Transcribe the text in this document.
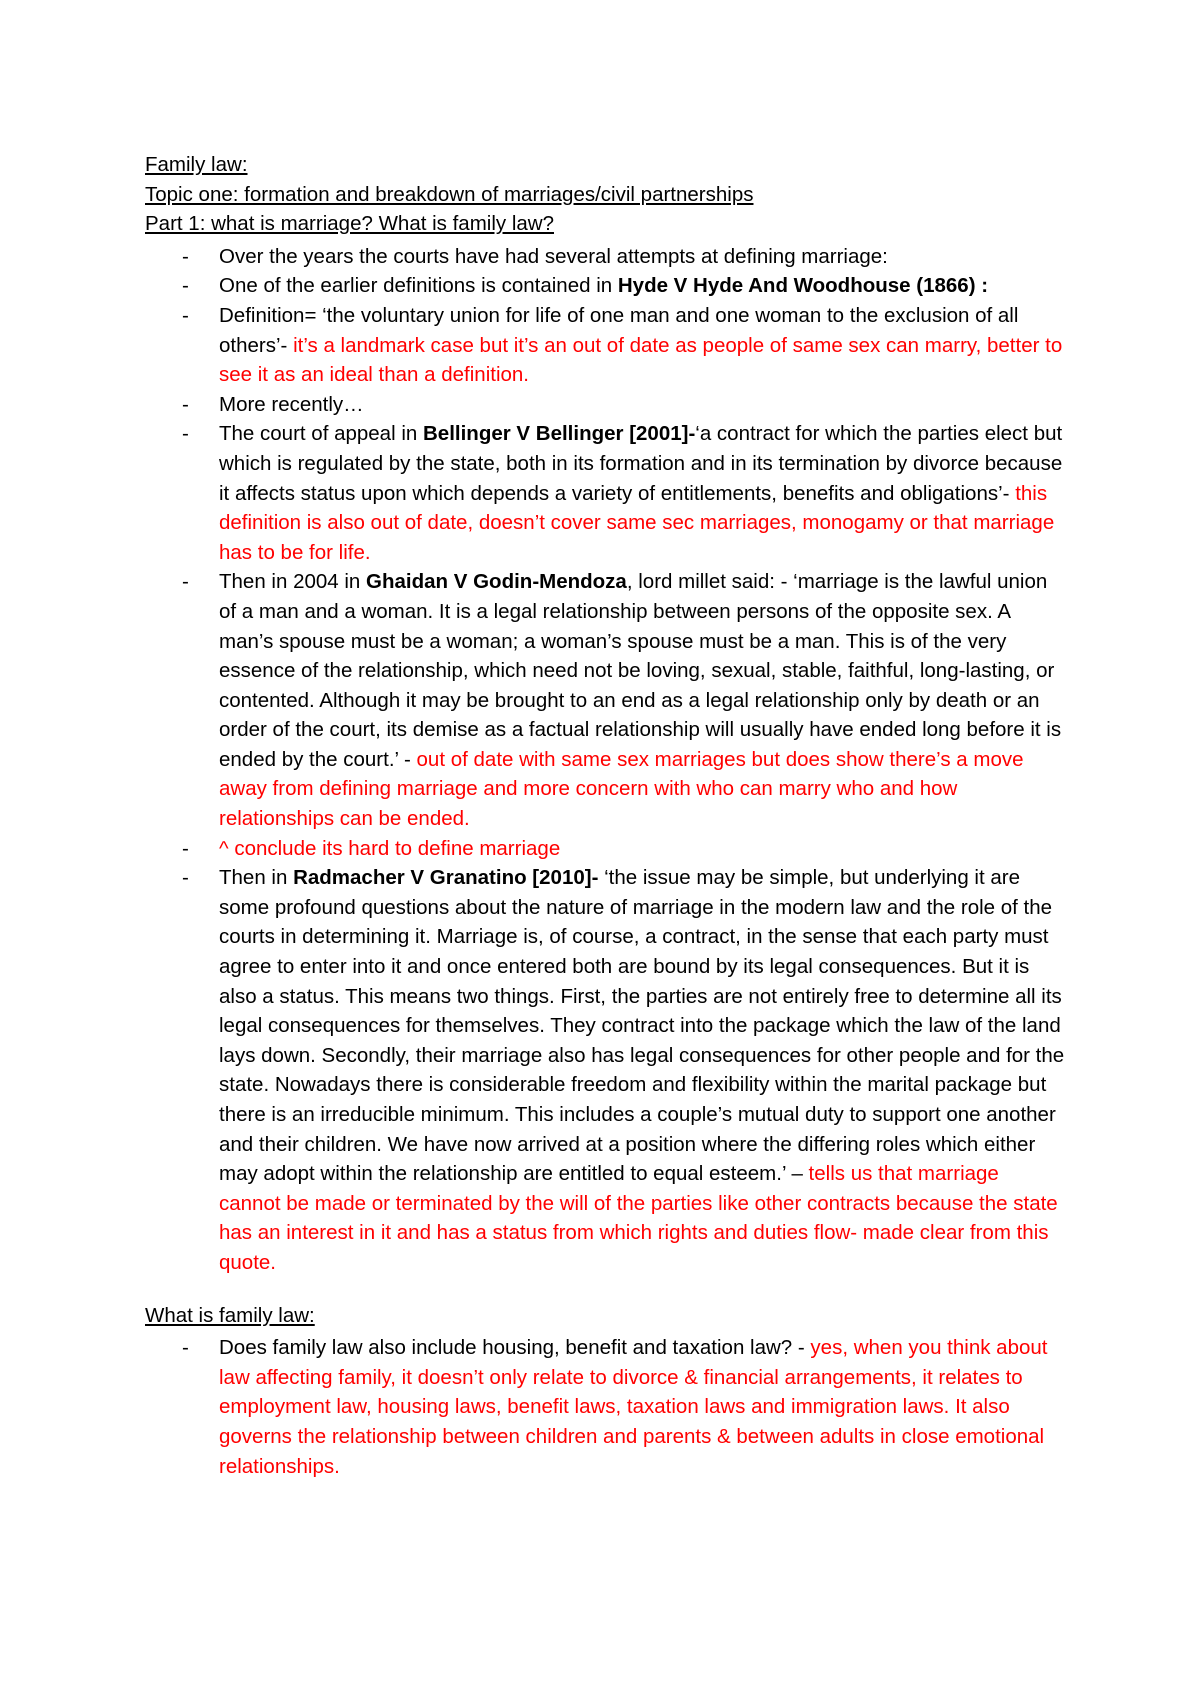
Family law:

Topic one: formation and breakdown of marriages/civil partnerships

Part 1: what is marriage? What is family law?

- Over the years the courts have had several attempts at defining marriage:
- One of the earlier definitions is contained in Hyde V Hyde And Woodhouse (1866) :
- Definition= ‘the voluntary union for life of one man and one woman to the exclusion of all others’- it’s a landmark case but it’s an out of date as people of same sex can marry, better to see it as an ideal than a definition.
- More recently…
- The court of appeal in Bellinger V Bellinger [2001]-‘a contract for which the parties elect but which is regulated by the state, both in its formation and in its termination by divorce because it affects status upon which depends a variety of entitlements, benefits and obligations’- this definition is also out of date, doesn’t cover same sec marriages, monogamy or that marriage has to be for life.
- Then in 2004 in Ghaidan V Godin-Mendoza, lord millet said: - ‘marriage is the lawful union of a man and a woman. It is a legal relationship between persons of the opposite sex. A man’s spouse must be a woman; a woman’s spouse must be a man. This is of the very essence of the relationship, which need not be loving, sexual, stable, faithful, long-lasting, or contented. Although it may be brought to an end as a legal relationship only by death or an order of the court, its demise as a factual relationship will usually have ended long before it is ended by the court.’ - out of date with same sex marriages but does show there’s a move away from defining marriage and more concern with who can marry who and how relationships can be ended.
- ^ conclude its hard to define marriage
- Then in Radmacher V Granatino [2010]- ‘the issue may be simple, but underlying it are some profound questions about the nature of marriage in the modern law and the role of the courts in determining it. Marriage is, of course, a contract, in the sense that each party must agree to enter into it and once entered both are bound by its legal consequences. But it is also a status. This means two things. First, the parties are not entirely free to determine all its legal consequences for themselves. They contract into the package which the law of the land lays down. Secondly, their marriage also has legal consequences for other people and for the state. Nowadays there is considerable freedom and flexibility within the marital package but there is an irreducible minimum. This includes a couple’s mutual duty to support one another and their children. We have now arrived at a position where the differing roles which either may adopt within the relationship are entitled to equal esteem.’ – tells us that marriage cannot be made or terminated by the will of the parties like other contracts because the state has an interest in it and has a status from which rights and duties flow- made clear from this quote.

What is family law:

- Does family law also include housing, benefit and taxation law? - yes, when you think about law affecting family, it doesn’t only relate to divorce & financial arrangements, it relates to employment law, housing laws, benefit laws, taxation laws and immigration laws. It also governs the relationship between children and parents & between adults in close emotional relationships.
